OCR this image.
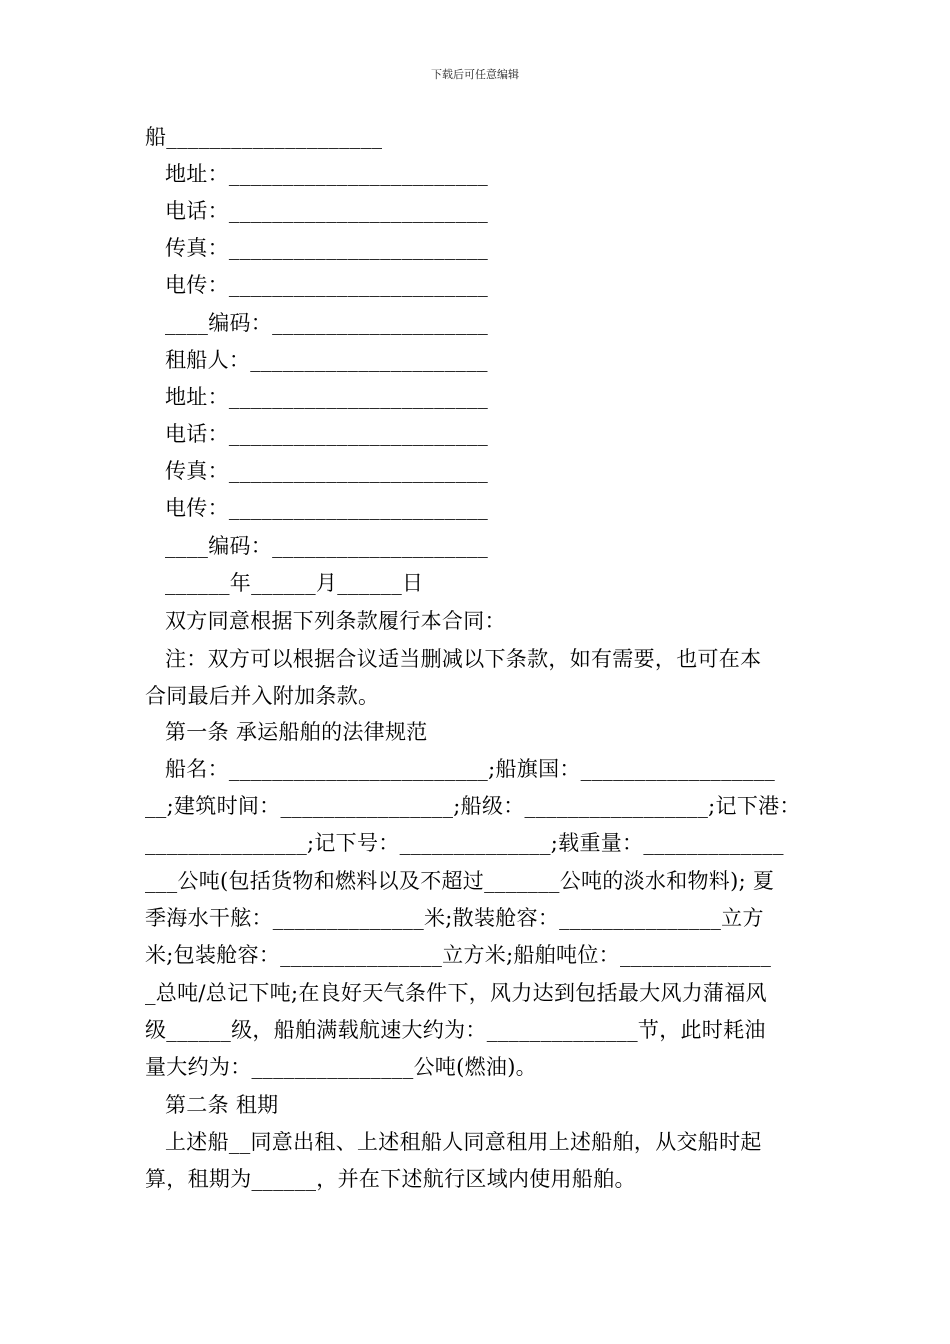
下载后可任意编辑
船____________________
地址：________________________
电话：________________________
传真：________________________
电传：________________________
____编码：____________________
租船人：______________________
地址：________________________
电话：________________________
传真：________________________
电传：________________________
____编码：____________________
______年______月______日
双方同意根据下列条款履行本合同：
注：双方可以根据合议适当删减以下条款，如有需要，也可在本
合同最后并入附加条款。
第一条 承运船舶的法律规范
船名：________________________;船旗国：__________________
__;建筑时间：________________;船级：_________________;记下港：
_______________;记下号：______________;载重量：_____________
___公吨(包括货物和燃料以及不超过_______公吨的淡水和物料); 夏
季海水干舷：______________米;散装舱容：_______________立方
米;包装舱容：_______________立方米;船舶吨位：______________
_总吨/总记下吨;在良好天气条件下，风力达到包括最大风力蒲福风
级______级，船舶满载航速大约为：______________节，此时耗油
量大约为：_______________公吨(燃油)。
第二条 租期
上述船__同意出租、上述租船人同意租用上述船舶，从交船时起
算，租期为______，并在下述航行区域内使用船舶。
